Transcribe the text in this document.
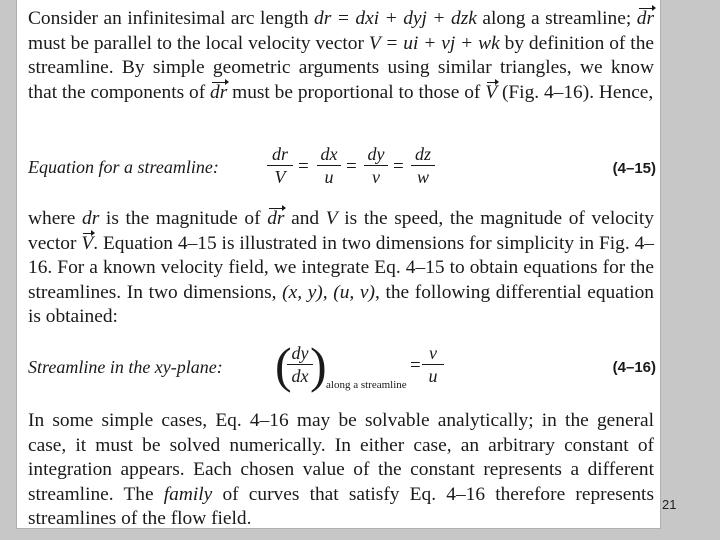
Consider an infinitesimal arc length dr = dxi + dyj + dzk along a streamline; dr must be parallel to the local velocity vector V = ui + vj + wk by definition of the streamline. By simple geometric arguments using similar triangles, we know that the components of dr must be proportional to those of V (Fig. 4–16). Hence,
Equation for a streamline:
dr
V =
dx
u =
dy
v =
dz
w	(4–15)
where dr is the magnitude of dr and V is the speed, the magnitude of velocity vector V. Equation 4–15 is illustrated in two dimensions for simplicity in Fig. 4–16. For a known velocity field, we integrate Eq. 4–15 to obtain equations for the streamlines. In two dimensions, (x, y), (u, v), the following differential equation is obtained:
Streamline in the xy-plane: ( dy
dx ) along a streamline
=
v
u	(4–16)
In some simple cases, Eq. 4–16 may be solvable analytically; in the general case, it must be solved numerically. In either case, an arbitrary constant of integration appears. Each chosen value of the constant represents a different streamline. The family of curves that satisfy Eq. 4–16 therefore represents streamlines of the flow field.
21
